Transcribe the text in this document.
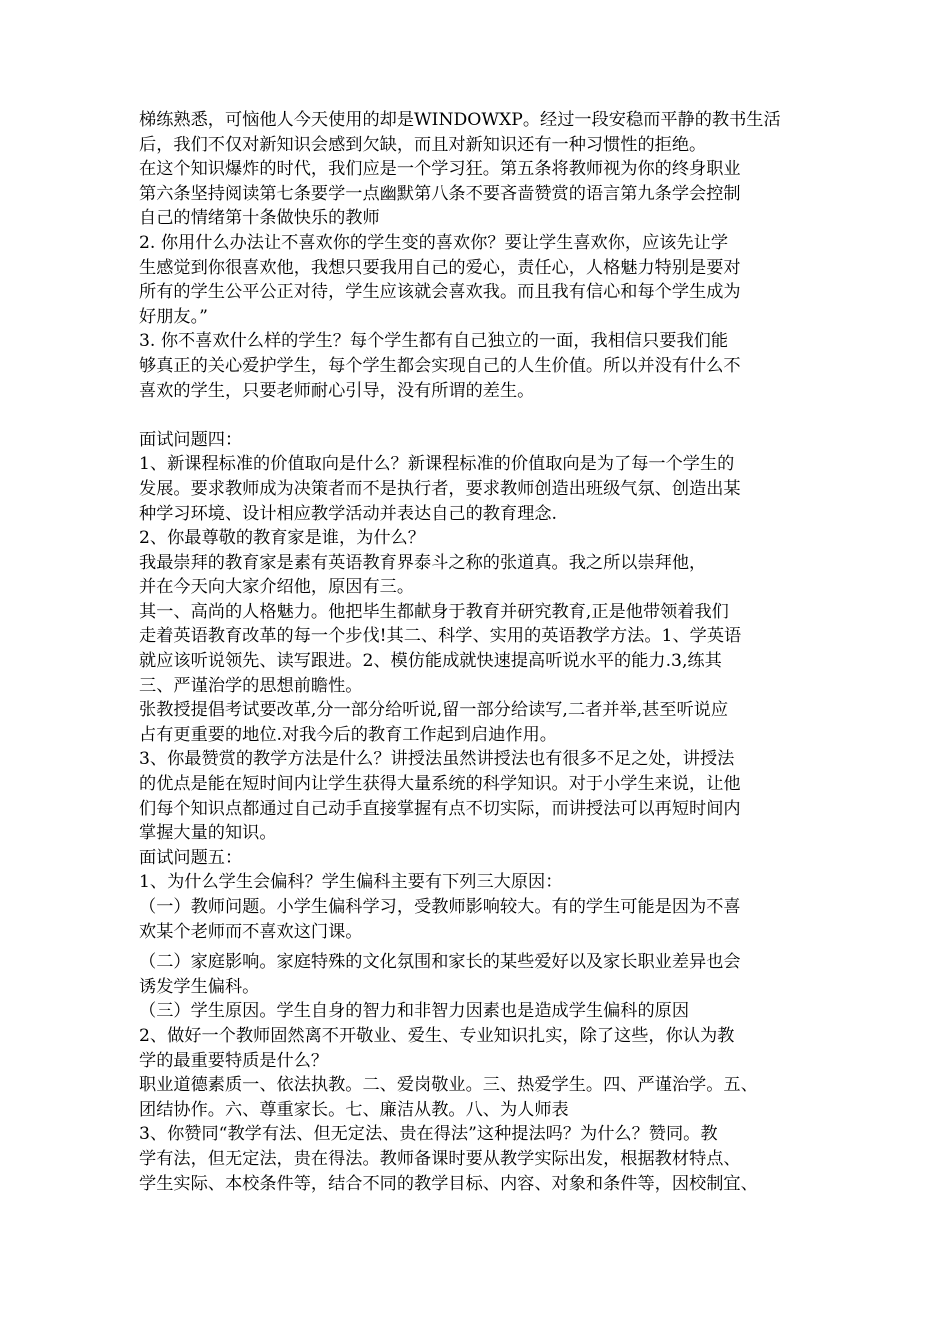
梯练熟悉，可恼他人今天使用的却是WINDOWXP。经过一段安稳而平静的教书生活
后，我们不仅对新知识会感到欠缺，而且对新知识还有一种习惯性的拒绝。
在这个知识爆炸的时代，我们应是一个学习狂。第五条将教师视为你的终身职业
第六条坚持阅读第七条要学一点幽默第八条不要吝啬赞赏的语言第九条学会控制
自己的情绪第十条做快乐的教师
2. 你用什么办法让不喜欢你的学生变的喜欢你？要让学生喜欢你，应该先让学
生感觉到你很喜欢他，我想只要我用自己的爱心，责任心，人格魅力特别是要对
所有的学生公平公正对待，学生应该就会喜欢我。而且我有信心和每个学生成为
好朋友。”
3. 你不喜欢什么样的学生？每个学生都有自己独立的一面，我相信只要我们能
够真正的关心爱护学生，每个学生都会实现自己的人生价值。所以并没有什么不
喜欢的学生，只要老师耐心引导，没有所谓的差生。
面试问题四：
1、新课程标准的价值取向是什么？新课程标准的价值取向是为了每一个学生的
发展。要求教师成为决策者而不是执行者，要求教师创造出班级气氛、创造出某
种学习环境、设计相应教学活动并表达自己的教育理念.
2、你最尊敬的教育家是谁，为什么？
我最崇拜的教育家是素有英语教育界泰斗之称的张道真。我之所以崇拜他，
并在今天向大家介绍他，原因有三。
其一、高尚的人格魅力。他把毕生都献身于教育并研究教育,正是他带领着我们
走着英语教育改革的每一个步伐!其二、科学、实用的英语教学方法。1、学英语
就应该听说领先、读写跟进。2、模仿能成就快速提高听说水平的能力.3,练其
三、严谨治学的思想前瞻性。
张教授提倡考试要改革,分一部分给听说,留一部分给读写,二者并举,甚至听说应
占有更重要的地位.对我今后的教育工作起到启迪作用。
3、你最赞赏的教学方法是什么？讲授法虽然讲授法也有很多不足之处，讲授法
的优点是能在短时间内让学生获得大量系统的科学知识。对于小学生来说，让他
们每个知识点都通过自己动手直接掌握有点不切实际，而讲授法可以再短时间内
掌握大量的知识。
面试问题五：
1、为什么学生会偏科？学生偏科主要有下列三大原因：
（一）教师问题。小学生偏科学习，受教师影响较大。有的学生可能是因为不喜
欢某个老师而不喜欢这门课。
（二）家庭影响。家庭特殊的文化氛围和家长的某些爱好以及家长职业差异也会
诱发学生偏科。
（三）学生原因。学生自身的智力和非智力因素也是造成学生偏科的原因
2、做好一个教师固然离不开敬业、爱生、专业知识扎实，除了这些，你认为教
学的最重要特质是什么？
职业道德素质一、依法执教。二、爱岗敬业。三、热爱学生。四、严谨治学。五、
团结协作。六、尊重家长。七、廉洁从教。八、为人师表
3、你赞同“教学有法、但无定法、贵在得法”这种提法吗？为什么？赞同。教
学有法，但无定法，贵在得法。教师备课时要从教学实际出发，根据教材特点、
学生实际、本校条件等，结合不同的教学目标、内容、对象和条件等，因校制宜、
